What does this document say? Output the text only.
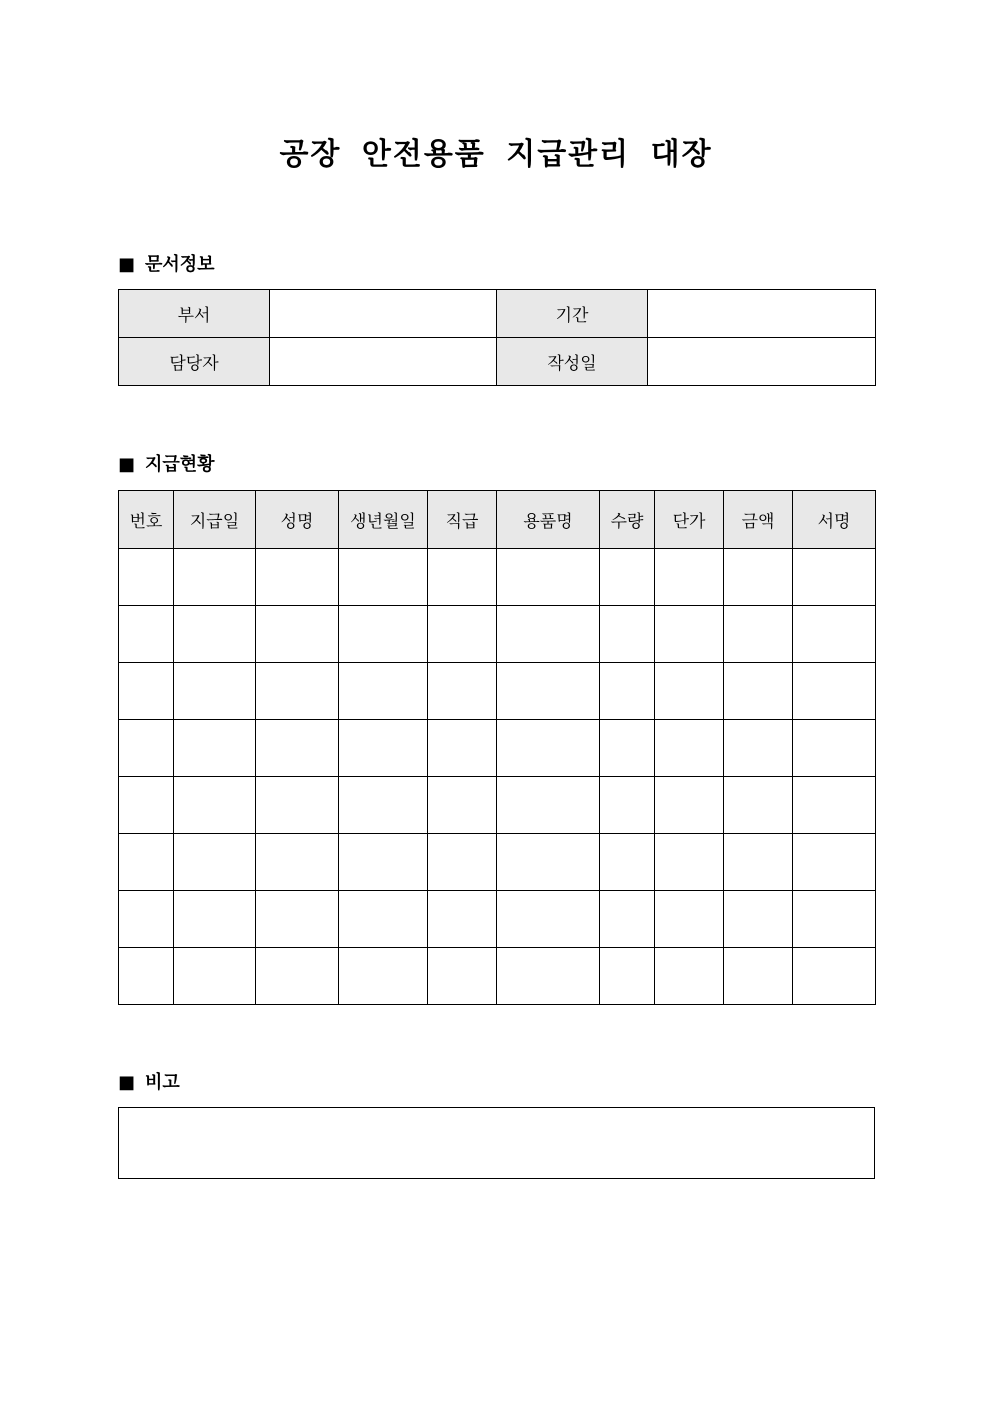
공장 안전용품 지급관리 대장
■ 문서정보
부서		기간	
담당자		작성일	
■ 지급현황
번호	지급일	성명	생년월일	직급	용품명	수량	단가	금액	서명

■ 비고
